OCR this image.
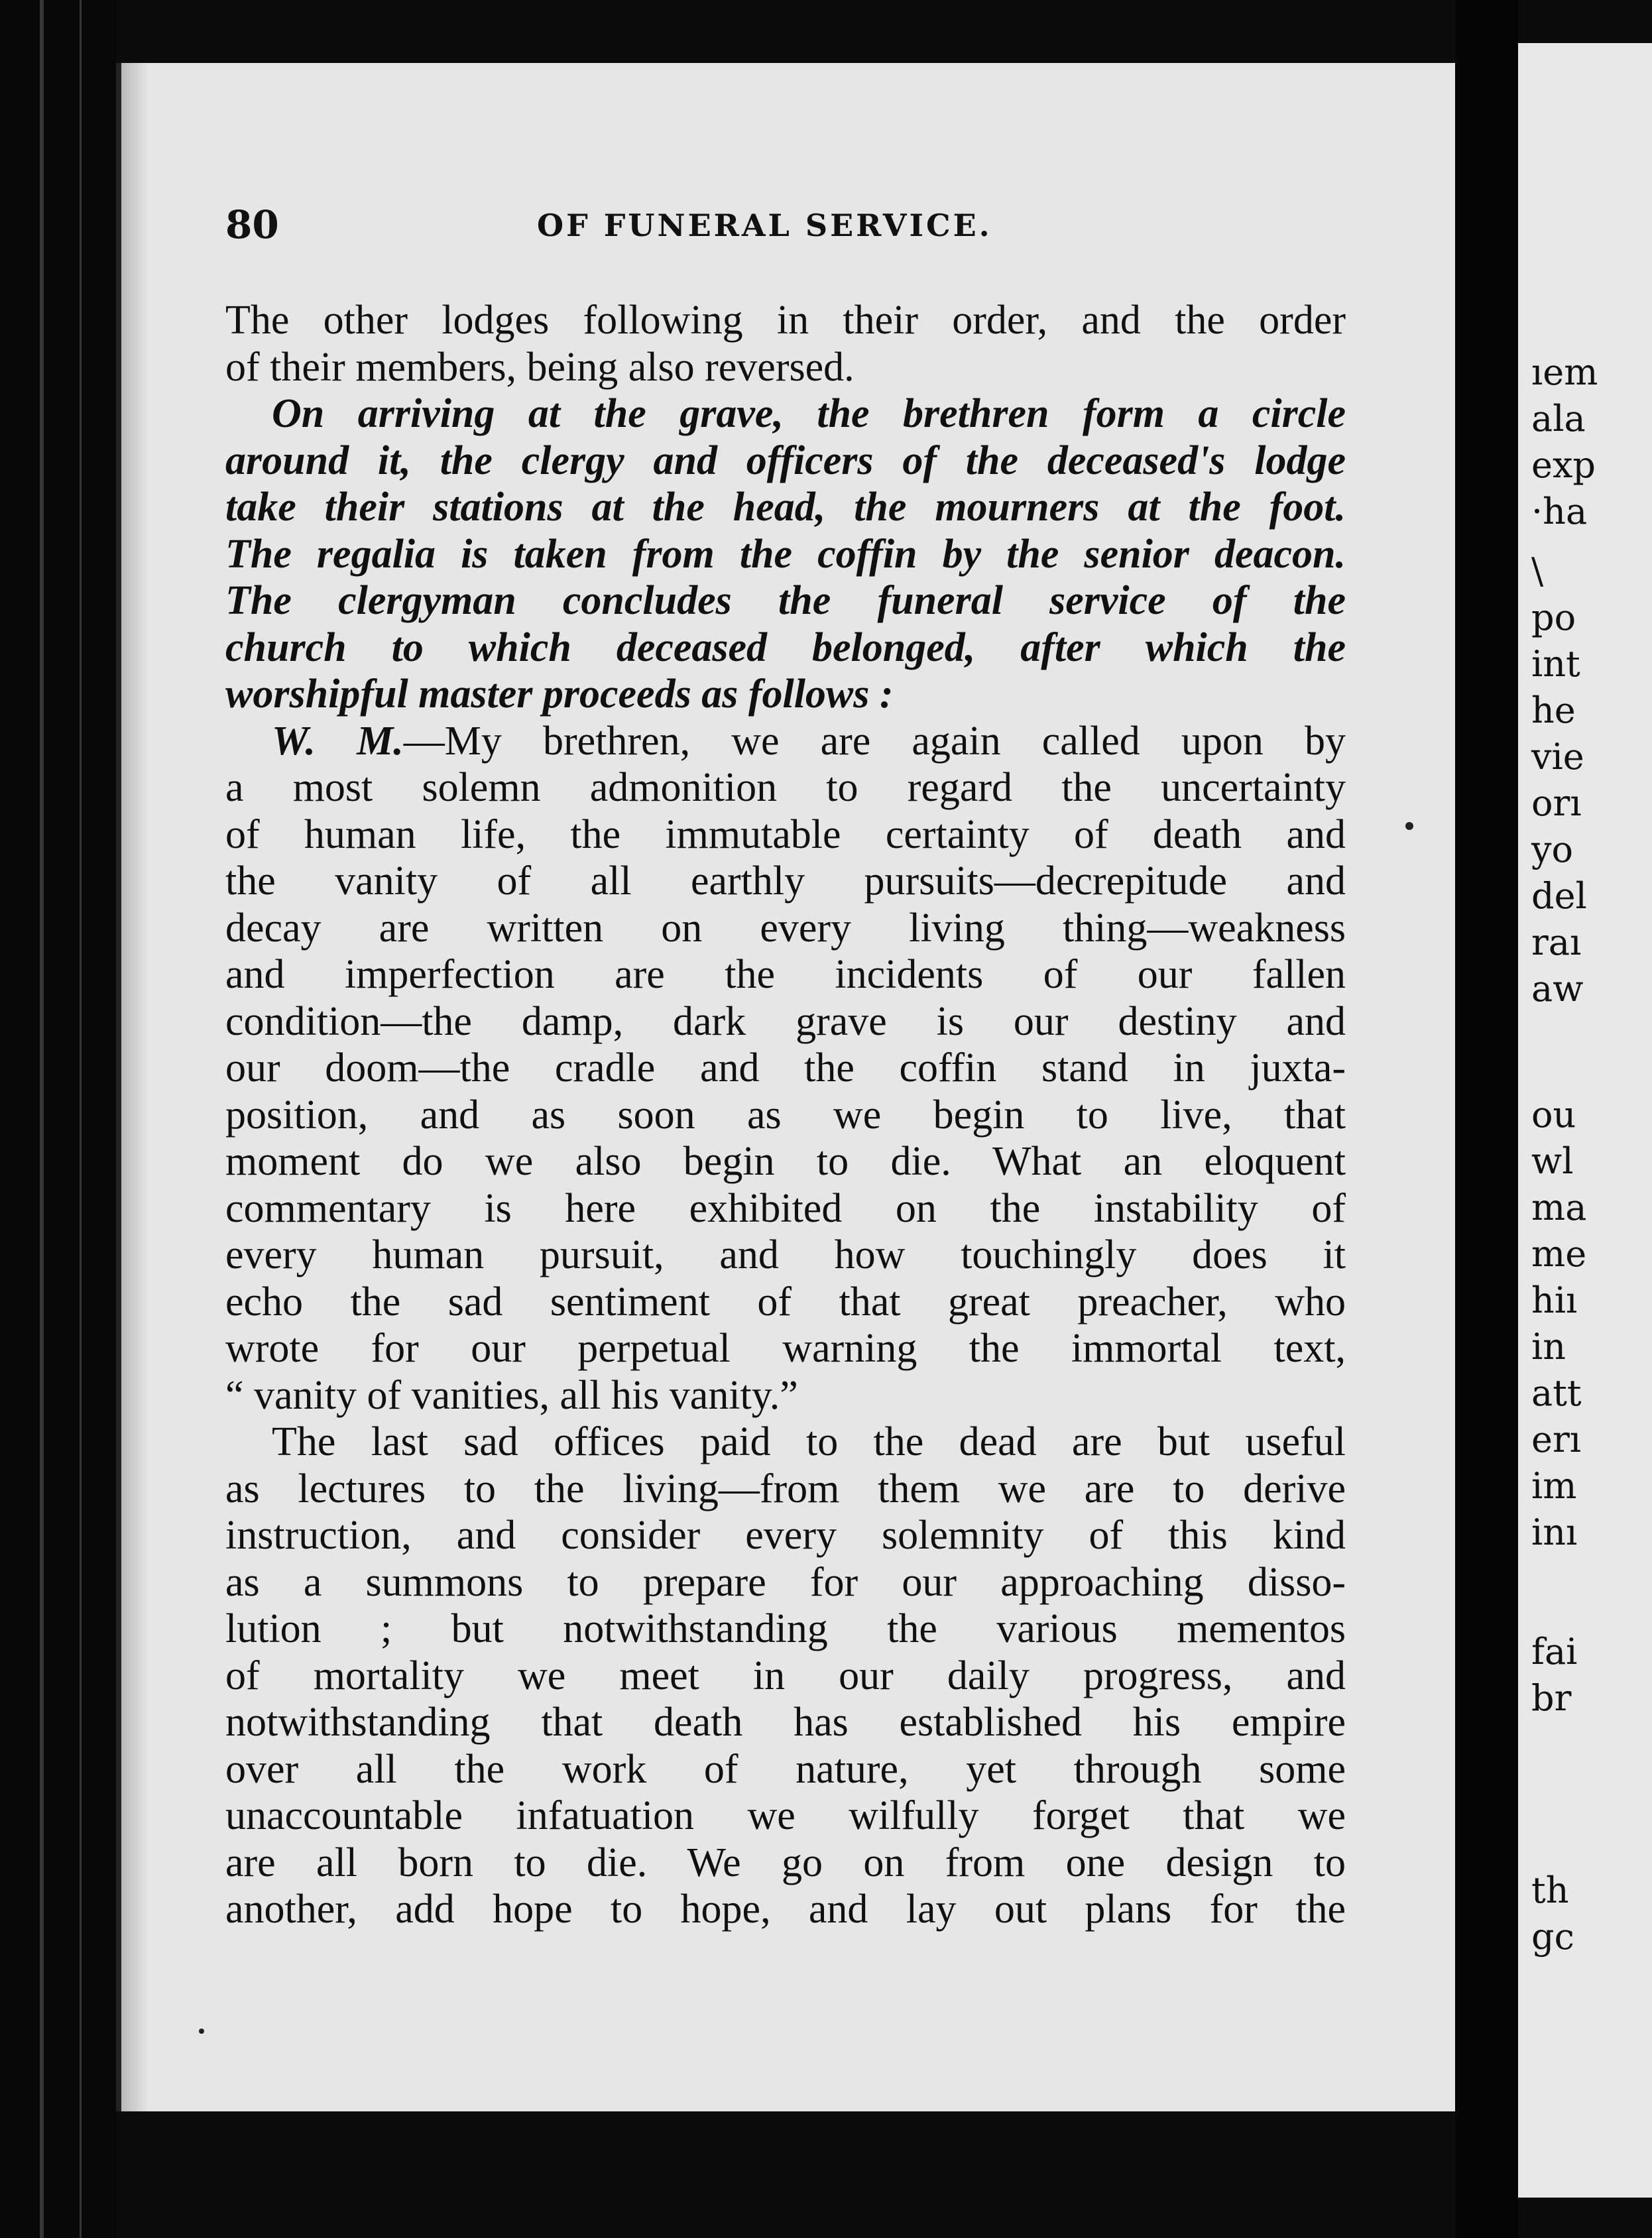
ıem
ala
exp
·ha
\
po
int
he
vie
orı
yo
del
raı
aw
ou
wl
ma
me
hiı
in
att
erı
im
inı
fai
br
th
gc
80	OF FUNERAL SERVICE.
The other lodges following in their order, and the order
of their members, being also reversed.
On arriving at the grave, the brethren form a circle
around it, the clergy and officers of the deceased's lodge
take their stations at the head, the mourners at the foot.
The regalia is taken from the coffin by the senior deacon.
The clergyman concludes the funeral service of the
church to which deceased belonged, after which the
worshipful master proceeds as follows :
W. M.—My brethren, we are again called upon by
a most solemn admonition to regard the uncertainty
of human life, the immutable certainty of death and
the vanity of all earthly pursuits—decrepitude and
decay are written on every living thing—weakness
and imperfection are the incidents of our fallen
condition—the damp, dark grave is our destiny and
our doom—the cradle and the coffin stand in juxta-
position, and as soon as we begin to live, that
moment do we also begin to die. What an eloquent
commentary is here exhibited on the instability of
every human pursuit, and how touchingly does it
echo the sad sentiment of that great preacher, who
wrote for our perpetual warning the immortal text,
“ vanity of vanities, all his vanity.”
The last sad offices paid to the dead are but useful
as lectures to the living—from them we are to derive
instruction, and consider every solemnity of this kind
as a summons to prepare for our approaching disso-
lution ; but notwithstanding the various mementos
of mortality we meet in our daily progress, and
notwithstanding that death has established his empire
over all the work of nature, yet through some
unaccountable infatuation we wilfully forget that we
are all born to die. We go on from one design to
another, add hope to hope, and lay out plans for the
